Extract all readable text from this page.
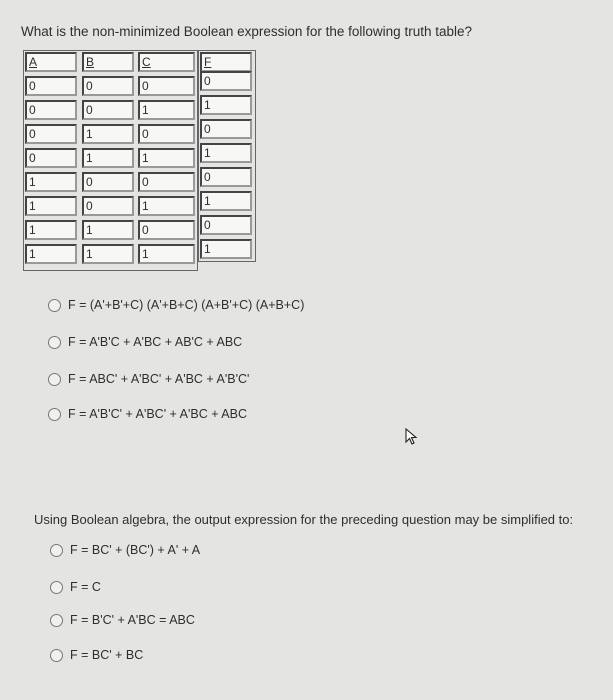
What is the non-minimized Boolean expression for the following truth table?
A	B	C	F
0	0	0	0
0	0	1	1
0	1	0	0
0	1	1	1
1	0	0	0
1	0	1	1
1	1	0	0
1	1	1	1
F = (A'+B'+C) (A'+B+C) (A+B'+C) (A+B+C)
F = A'B'C + A'BC + AB'C + ABC
F = ABC' + A'BC' + A'BC + A'B'C'
F = A'B'C' + A'BC' + A'BC + ABC
Using Boolean algebra, the output expression for the preceding question may be simplified to:
F = BC' + (BC') + A' + A
F = C
F = B'C' + A'BC = ABC
F = BC' + BC
